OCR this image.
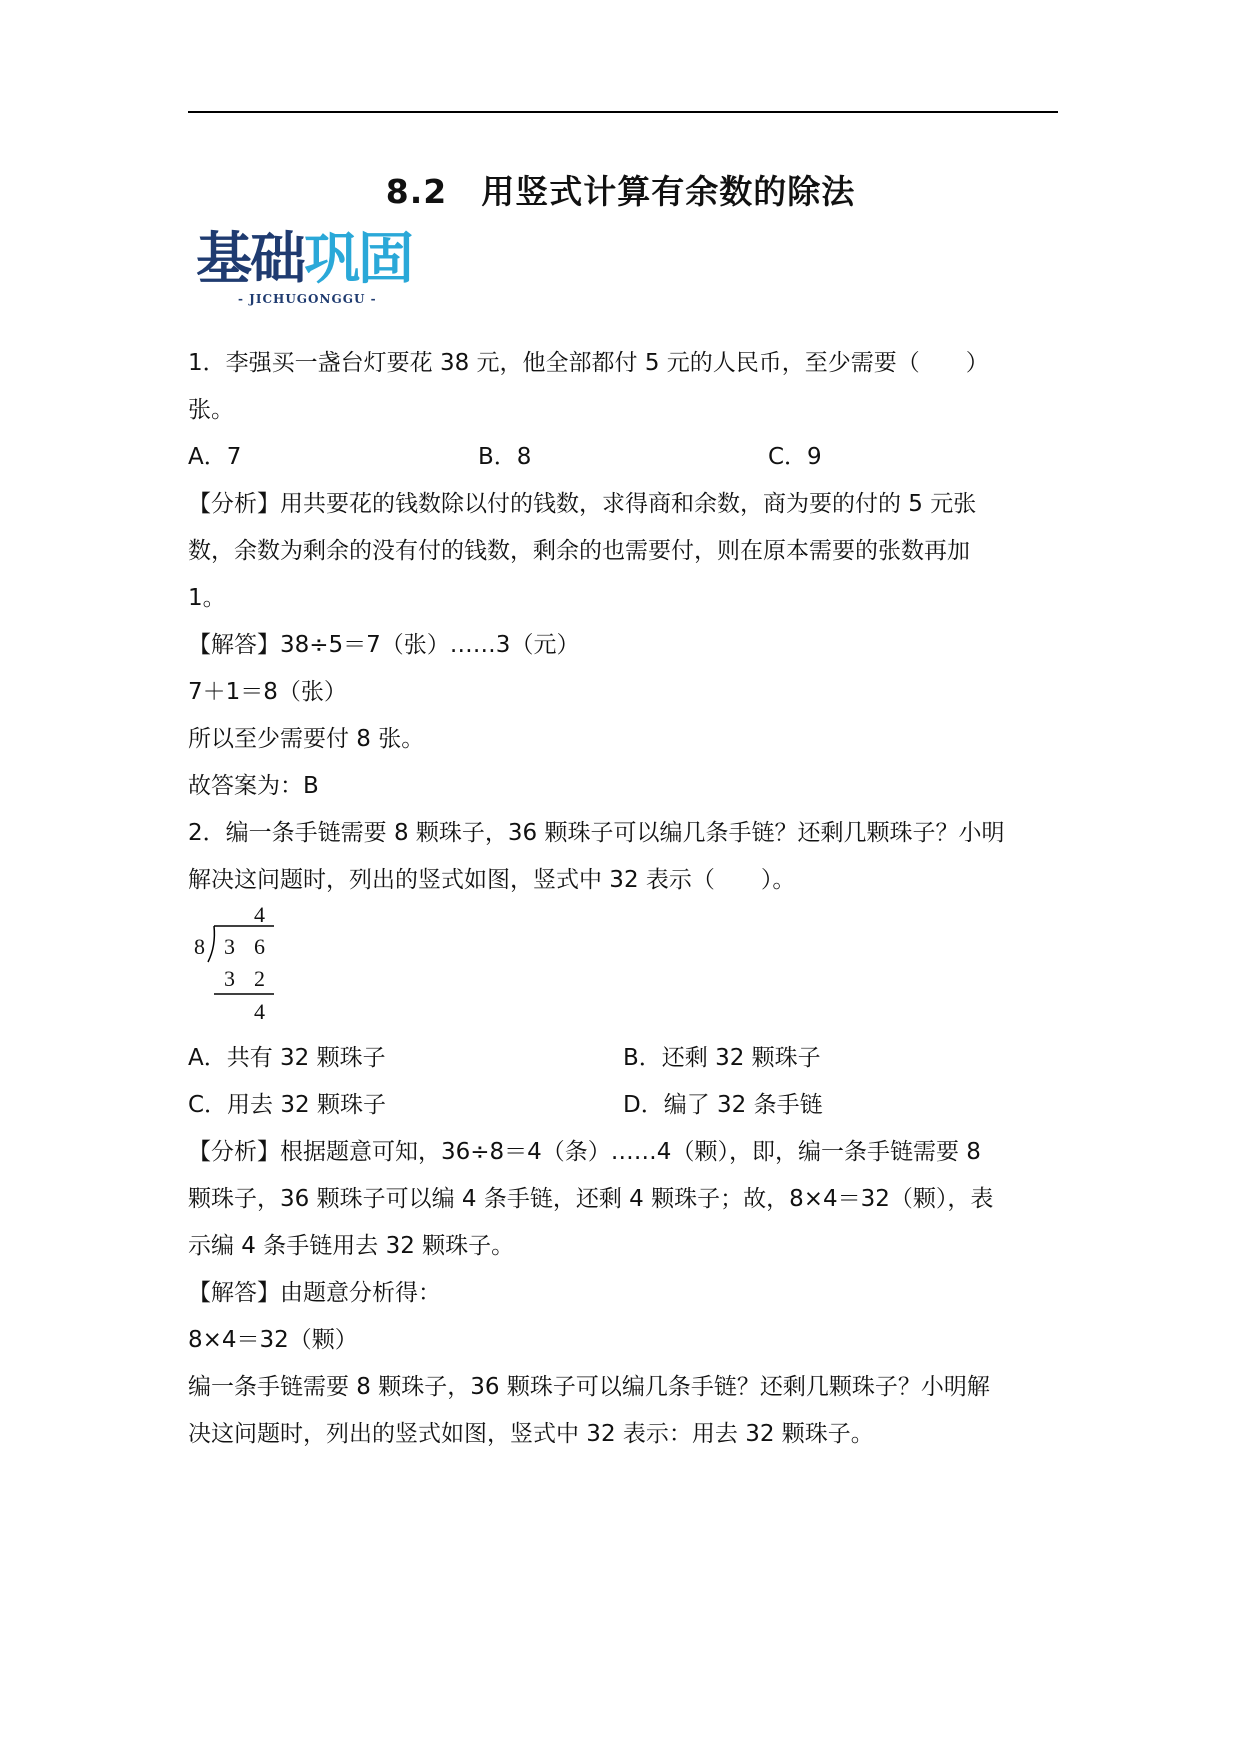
8.2　用竖式计算有余数的除法
基础巩固
- JICHUGONGGU -

1．李强买一盏台灯要花 38 元，他全部都付 5 元的人民币，至少需要（　　）

张。

A．7	B．8	C．9

【分析】用共要花的钱数除以付的钱数，求得商和余数，商为要的付的 5 元张

数，余数为剩余的没有付的钱数，剩余的也需要付，则在原本需要的张数再加

1。

【解答】38÷5＝7（张）……3（元）

7＋1＝8（张）

所以至少需要付 8 张。

故答案为：B

2．编一条手链需要 8 颗珠子，36 颗珠子可以编几条手链？还剩几颗珠子？小明

解决这问题时，列出的竖式如图，竖式中 32 表示（　　）。

4
8 3 6
3 2
4
A．共有 32 颗珠子	B．还剩 32 颗珠子
C．用去 32 颗珠子	D．编了 32 条手链

【分析】根据题意可知，36÷8＝4（条）……4（颗），即，编一条手链需要 8

颗珠子，36 颗珠子可以编 4 条手链，还剩 4 颗珠子；故，8×4＝32（颗），表

示编 4 条手链用去 32 颗珠子。

【解答】由题意分析得：

8×4＝32（颗）

编一条手链需要 8 颗珠子，36 颗珠子可以编几条手链？还剩几颗珠子？小明解

决这问题时，列出的竖式如图，竖式中 32 表示：用去 32 颗珠子。
